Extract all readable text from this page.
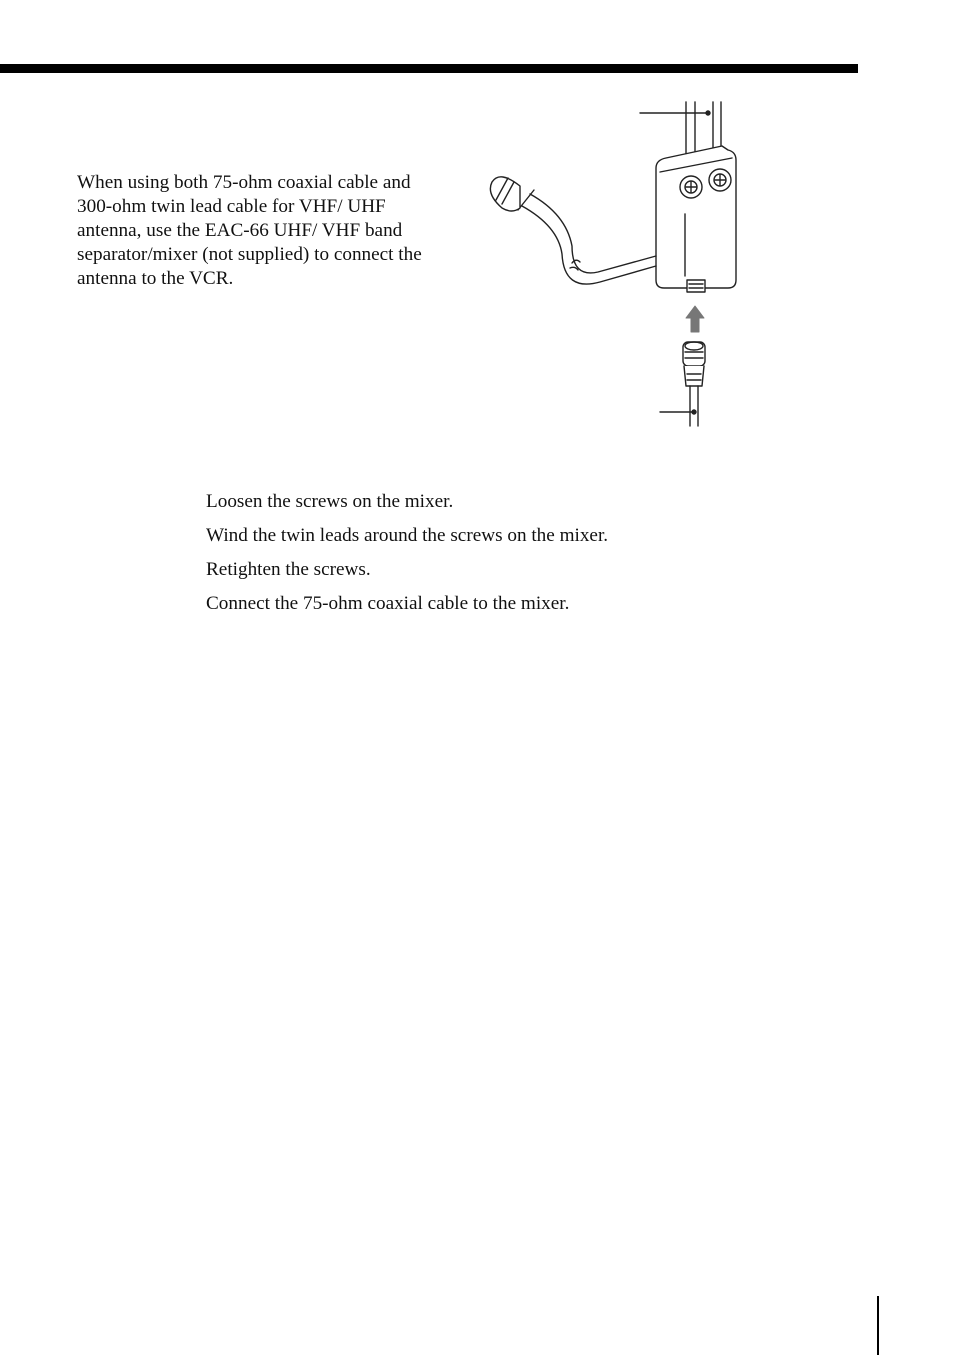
When using both 75-ohm coaxial cable and 300-ohm twin lead cable for VHF/ UHF antenna, use the EAC-66 UHF/ VHF band separator/mixer (not supplied) to connect the antenna to the VCR.

Loosen the screws on the mixer.
Wind the twin leads around the screws on the mixer.
Retighten the screws.
Connect the 75-ohm coaxial cable to the mixer.
